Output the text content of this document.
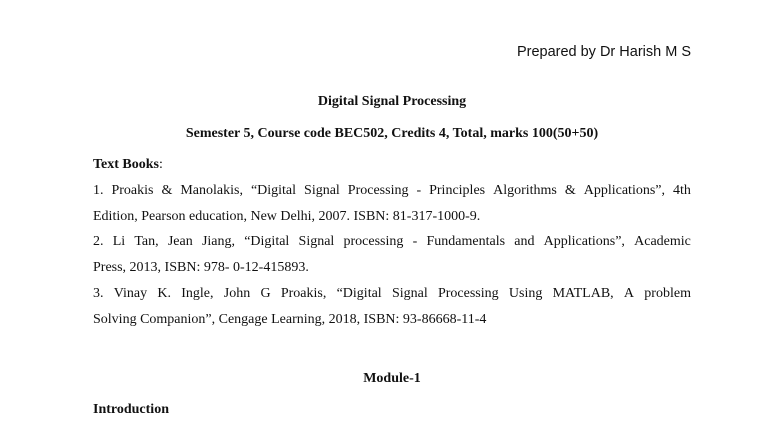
Prepared by Dr Harish M S
Digital Signal Processing
Semester 5, Course code BEC502, Credits 4, Total, marks 100(50+50)
Text Books:
1. Proakis & Manolakis, “Digital Signal Processing - Principles Algorithms & Applications”, 4th
Edition, Pearson education, New Delhi, 2007. ISBN: 81-317-1000-9.
2. Li Tan, Jean Jiang, “Digital Signal processing - Fundamentals and Applications”, Academic
Press, 2013, ISBN: 978- 0-12-415893.
3. Vinay K. Ingle, John G Proakis, “Digital Signal Processing Using MATLAB, A problem
Solving Companion”, Cengage Learning, 2018, ISBN: 93-86668-11-4
Module-1
Introduction
